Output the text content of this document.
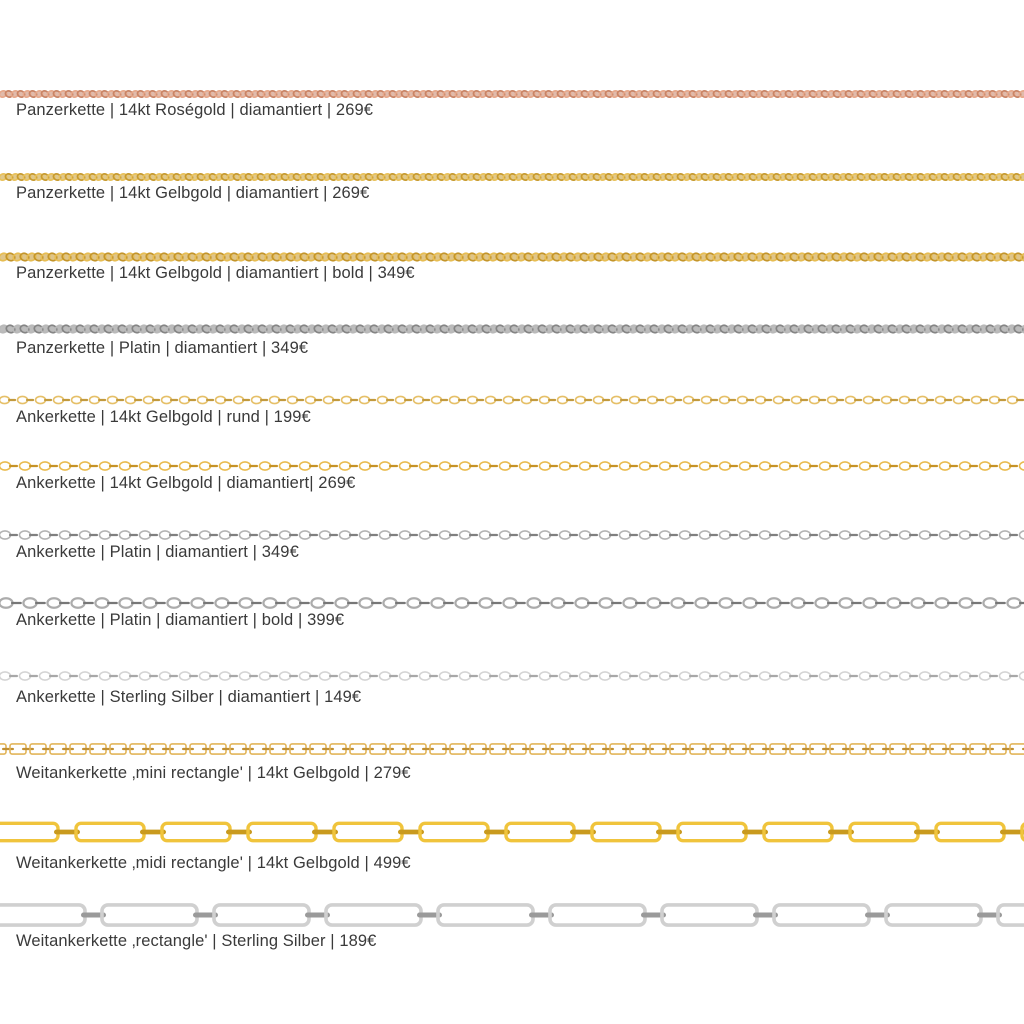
Panzerkette | 14kt Roségold | diamantiert | 269€
Panzerkette | 14kt Gelbgold | diamantiert | 269€
Panzerkette | 14kt Gelbgold | diamantiert | bold | 349€
Panzerkette | Platin | diamantiert | 349€
Ankerkette | 14kt Gelbgold | rund | 199€
Ankerkette | 14kt Gelbgold | diamantiert| 269€
Ankerkette | Platin | diamantiert | 349€
Ankerkette | Platin | diamantiert | bold | 399€
Ankerkette | Sterling Silber | diamantiert | 149€
Weitankerkette ‚mini rectangle' | 14kt Gelbgold | 279€
Weitankerkette ‚midi rectangle' | 14kt Gelbgold | 499€
Weitankerkette ‚rectangle' | Sterling Silber | 189€
